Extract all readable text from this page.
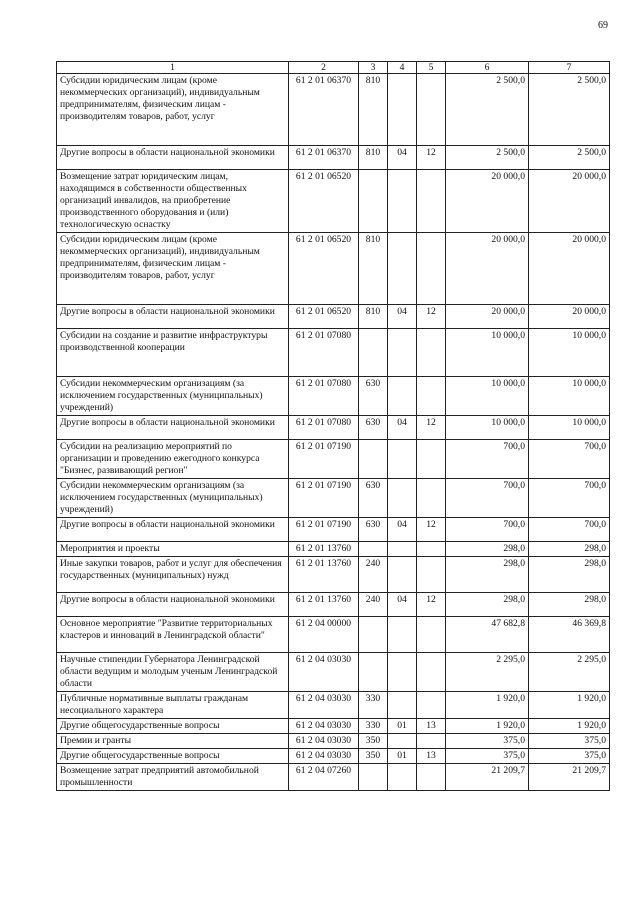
69
1	2	3	4	5	6	7
Субсидии юридическим лицам (кроме некоммерческих организаций), индивидуальным предпринимателям, физическим лицам - производителям товаров, работ, услуг	61 2 01 06370	810			2 500,0	2 500,0
Другие вопросы в области национальной экономики	61 2 01 06370	810	04	12	2 500,0	2 500,0
Возмещение затрат юридическим лицам, находящимся в собственности общественных организаций инвалидов, на приобретение производственного оборудования и (или) технологическую оснастку	61 2 01 06520				20 000,0	20 000,0
Субсидии юридическим лицам (кроме некоммерческих организаций), индивидуальным предпринимателям, физическим лицам - производителям товаров, работ, услуг	61 2 01 06520	810			20 000,0	20 000,0
Другие вопросы в области национальной экономики	61 2 01 06520	810	04	12	20 000,0	20 000,0
Субсидии на создание и развитие инфраструктуры производственной кооперации	61 2 01 07080				10 000,0	10 000,0
Субсидии некоммерческим организациям (за исключением государственных (муниципальных) учреждений)	61 2 01 07080	630			10 000,0	10 000,0
Другие вопросы в области национальной экономики	61 2 01 07080	630	04	12	10 000,0	10 000,0
Субсидии на реализацию мероприятий по организации и проведению ежегодного конкурса "Бизнес, развивающий регион"	61 2 01 07190				700,0	700,0
Субсидии некоммерческим организациям (за исключением государственных (муниципальных) учреждений)	61 2 01 07190	630			700,0	700,0
Другие вопросы в области национальной экономики	61 2 01 07190	630	04	12	700,0	700,0
Мероприятия и проекты	61 2 01 13760				298,0	298,0
Иные закупки товаров, работ и услуг для обеспечения государственных (муниципальных) нужд	61 2 01 13760	240			298,0	298,0
Другие вопросы в области национальной экономики	61 2 01 13760	240	04	12	298,0	298,0
Основное мероприятие "Развитие территориальных кластеров и инноваций в Ленинградской области"	61 2 04 00000				47 682,8	46 369,8
Научные стипендии Губернатора Ленинградской области ведущим и молодым ученым Ленинградской области	61 2 04 03030				2 295,0	2 295,0
Публичные нормативные выплаты гражданам несоциального характера	61 2 04 03030	330			1 920,0	1 920,0
Другие общегосударственные вопросы	61 2 04 03030	330	01	13	1 920,0	1 920,0
Премии и гранты	61 2 04 03030	350			375,0	375,0
Другие общегосударственные вопросы	61 2 04 03030	350	01	13	375,0	375,0
Возмещение затрат предприятий автомобильной промышленности	61 2 04 07260				21 209,7	21 209,7
